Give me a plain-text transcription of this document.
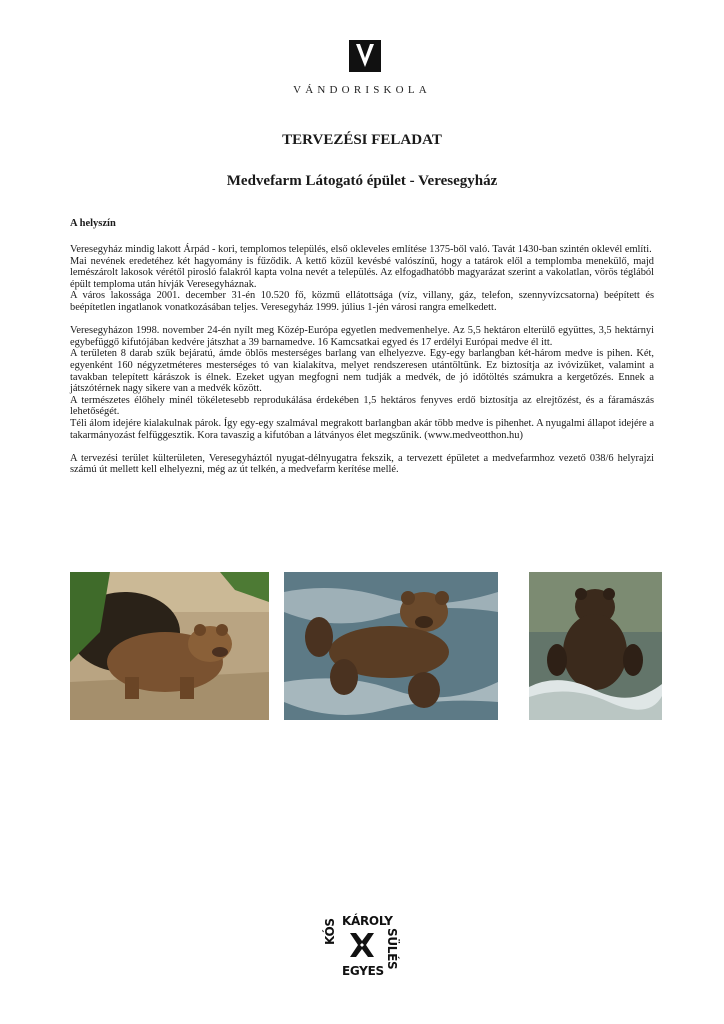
VÁNDORISKOLA
TERVEZÉSI FELADAT
Medvefarm Látogató épület - Veresegyház
A helyszín

Veresegyház mindig lakott Árpád - kori, templomos település, első okleveles említése 1375-ből való. Tavát 1430-ban szintén oklevél említi.

Mai nevének eredetéhez két hagyomány is fűződik. A kettő közül kevésbé valószínű, hogy a tatárok elől a templomba menekülő, majd lemészárolt lakosok vérétől pirosló falakról kapta volna nevét a település. Az elfogadhatóbb magyarázat szerint a vakolatlan, vörös téglából épült temploma után hívják Veresegyháznak.

A város lakossága 2001. december 31-én 10.520 fő, közmű ellátottsága (víz, villany, gáz, telefon, szennyvízcsatorna) beépített és beépítetlen ingatlanok vonatkozásában teljes. Veresegyház 1999. július 1-jén városi rangra emelkedett.

Veresegyházon 1998. november 24-én nyílt meg Közép-Európa egyetlen medvemenhelye. Az 5,5 hektáron elterülő együttes, 3,5 hektárnyi egybefüggő kifutójában kedvére játszhat a 39 barnamedve. 16 Kamcsatkai egyed és 17 erdélyi Európai medve él itt.

A területen 8 darab szűk bejáratú, ámde öblös mesterséges barlang van elhelyezve. Egy-egy barlangban két-három medve is pihen. Két, egyenként 160 négyzetméteres mesterséges tó van kialakítva, melyet rendszeresen utántöltünk. Ez biztosítja az ivóvizüket, valamint a tavakban telepített kárászok is élnek. Ezeket ugyan megfogni nem tudják a medvék, de jó időtöltés számukra a kergetőzés. Ennek a játszótérnek nagy sikere van a medvék között.

A természetes élőhely minél tökéletesebb reprodukálása érdekében 1,5 hektáros fenyves erdő biztosítja az elrejtőzést, és a fáramászás lehetőségét.

Téli álom idejére kialakulnak párok. Így egy-egy szalmával megrakott barlangban akár több medve is pihenhet. A nyugalmi állapot idejére a takarmányozást felfüggesztik. Kora tavaszig a kifutóban a látványos élet megszűnik. (www.medveotthon.hu)

A tervezési terület külterületen, Veresegyháztól nyugat-délnyugatra fekszik, a tervezett épületet a medvefarmhoz vezető 038/6 helyrajzi számú út mellett kell elhelyezni, még az út telkén, a medvefarm kerítése mellé.

KÁROLY
KÓS	SÜLÉS
EGYES
